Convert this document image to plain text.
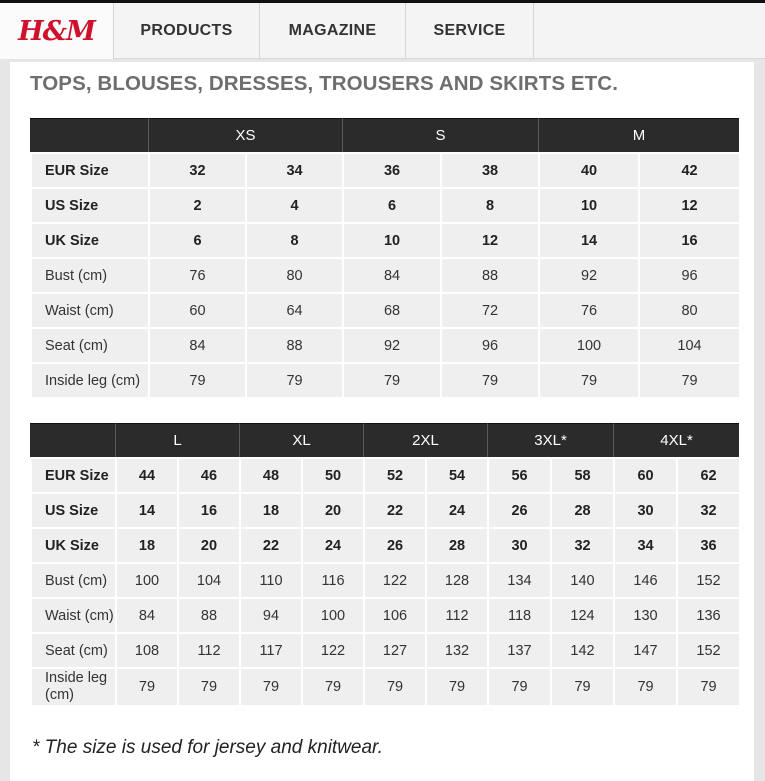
H&M	PRODUCTS	MAGAZINE	SERVICE
TOPS, BLOUSES, DRESSES, TROUSERS AND SKIRTS ETC.
	XS		S		M	
EUR Size	32	34	36	38	40	42
US Size	2	4	6	8	10	12
UK Size	6	8	10	12	14	16
Bust (cm)	76	80	84	88	92	96
Waist (cm)	60	64	68	72	76	80
Seat (cm)	84	88	92	96	100	104
Inside leg (cm)	79	79	79	79	79	79
	L		XL		2XL		3XL*		4XL*	
EUR Size	44	46	48	50	52	54	56	58	60	62
US Size	14	16	18	20	22	24	26	28	30	32
UK Size	18	20	22	24	26	28	30	32	34	36
Bust (cm)	100	104	110	116	122	128	134	140	146	152
Waist (cm)	84	88	94	100	106	112	118	124	130	136
Seat (cm)	108	112	117	122	127	132	137	142	147	152
Inside leg (cm)	79	79	79	79	79	79	79	79	79	79
* The size is used for jersey and knitwear.
